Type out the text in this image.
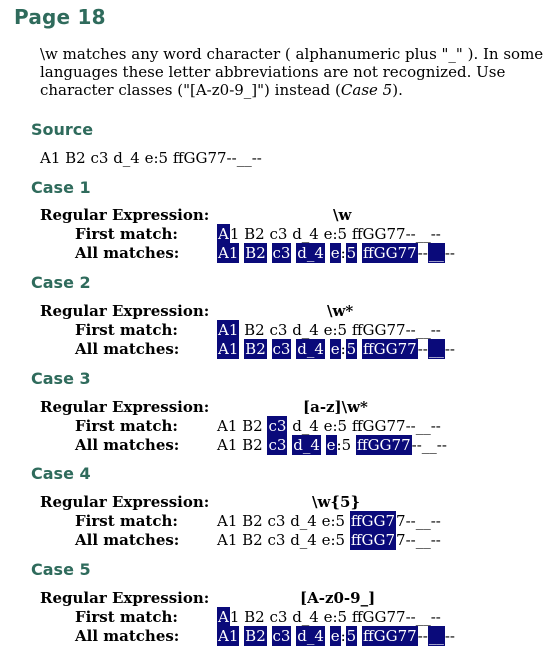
Page 18
\w matches any word character ( alphanumeric plus "_" ). In some languages these letter abbreviations are not recognized. Use character classes ("[A-z0-9_]") instead (Case 5).
Source
A1 B2 c3 d_4 e:5 ffGG77--__--
Case 1
Regular Expression:	\w
First match:	A1 B2 c3 d_4 e:5 ffGG77--__--
All matches:	A1 B2 c3 d_4 e:5 ffGG77--__--
Case 2
Regular Expression:	\w*
First match:	A1 B2 c3 d_4 e:5 ffGG77--__--
All matches:	A1 B2 c3 d_4 e:5 ffGG77--__--
Case 3
Regular Expression:	[a-z]\w*
First match:	A1 B2 c3 d_4 e:5 ffGG77--__--
All matches:	A1 B2 c3 d_4 e:5 ffGG77--__--
Case 4
Regular Expression:	\w{5}
First match:	A1 B2 c3 d_4 e:5 ffGG77--__--
All matches:	A1 B2 c3 d_4 e:5 ffGG77--__--
Case 5
Regular Expression:	[A-z0-9_]
First match:	A1 B2 c3 d_4 e:5 ffGG77--__--
All matches:	A1 B2 c3 d_4 e:5 ffGG77--__--
